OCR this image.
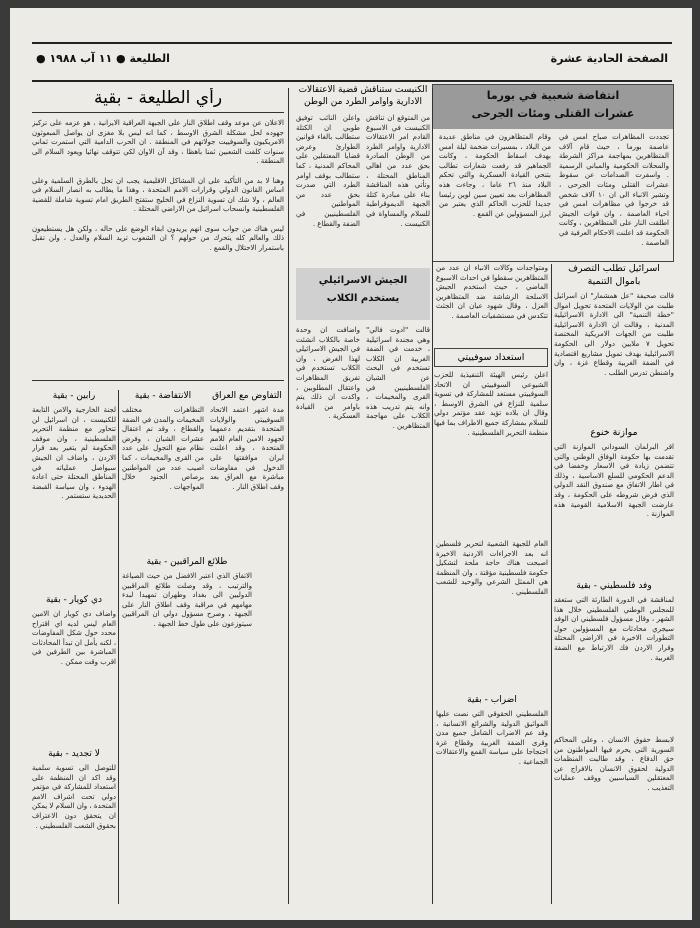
الصفحة الحادية عشرة
الطليعة ● ١١ آب ١٩٨٨ ●
انتفاضة شعبية في بورما
عشرات القتلى ومئات الجرحى
تجددت المظاهرات صباح امس في عاصمة بورما ، حيث قام آلاف المتظاهرين بمهاجمة مراكز الشرطة والمحلات الحكومية والمباني الرسمية . واسفرت الصدامات عن سقوط عشرات القتلى ومئات الجرحى ، وتشير الانباء الى ان ١٠ آلاف شخص قد خرجوا في مظاهرات امس في احياء العاصمة ، وان قوات الجيش اطلقت النار على المتظاهرين ، وكانت الحكومة قد اعلنت الاحكام العرفية في العاصمة .
وقام المتظاهرون في مناطق عديدة من البلاد ، بمسيرات ضخمة ليلة امس بهدف اسقاط الحكومة ، وكانت الجماهير قد رفعت شعارات تطالب بتنحي القيادة العسكرية والتي تحكم البلاد منذ ٢٦ عاما ، وجاءت هذه المظاهرات بعد تعيين سين لوين رئيسا جديدا للحزب الحاكم الذي يعتبر من ابرز المسؤولين عن القمع .
اسرائيل تطلب التصرف
باموال التنمية
قالت صحيفة "عل همشمار" ان اسرائيل طلبت من الولايات المتحدة تحويل اموال "خطة التنمية" الى الادارة الاسرائيلية المدنية ، وقالت ان الادارة الاسرائيلية طلبت من الجهات الامريكية المختصة تحويل ٧ ملايين دولار الى الحكومة الاسرائيلية بهدف تمويل مشاريع اقتصادية في الضفة الغربية وقطاع غزة ، وان واشنطن تدرس الطلب .
ومتواجدات وكالات الانباء ان عدد من المتظاهرين سقطوا في احداث الاسبوع الماضي ، حيث استخدم الجيش الاسلحة الرشاشة ضد المتظاهرين العزل ، وقال شهود عيان ان الجثث تتكدس في مستشفيات العاصمة .
استعداد سوفييتي
اعلن رئيس الهيئة التنفيذية للحزب الشيوعي السوفييتي ان الاتحاد السوفييتي مستعد للمشاركة في تسوية سلمية للنزاع في الشرق الاوسط ، وقال ان بلاده تؤيد عقد مؤتمر دولي للسلام بمشاركة جميع الاطراف بما فيها منظمة التحرير الفلسطينية .	موازنة خنوع
اقر البرلمان السوداني الموازنة التي تقدمت بها حكومة الوفاق الوطني والتي تتضمن زيادة في الاسعار وخفضا في الدعم الحكومي للسلع الاساسية ، وذلك في اطار الاتفاق مع صندوق النقد الدولي الذي فرض شروطه على الحكومة ، وقد عارضت الجبهة الاسلامية القومية هذه الموازنة .
وفد فلسطيني - بقية
لمناقشة في الدورة الطارئة التي ستعقد للمجلس الوطني الفلسطيني خلال هذا الشهر ، وقال مسؤول فلسطيني ان الوفد سيجري محادثات مع المسؤولين حول التطورات الاخيرة في الاراضي المحتلة وقرار الاردن فك الارتباط مع الضفة الغربية .
العام للجبهة الشعبية لتحرير فلسطين انه بعد الاجراءات الاردنية الاخيرة اصبحت هناك حاجة ملحة لتشكيل حكومة فلسطينية مؤقتة ، وان المنظمة هي الممثل الشرعي والوحيد للشعب الفلسطيني .
اضراب - بقية
الفلسطيني الحقوقي التي نصت عليها المواثيق الدولية والشرائع الانسانية ، وقد عم الاضراب الشامل جميع مدن وقرى الضفة الغربية وقطاع غزة احتجاجا على سياسة القمع والاعتقالات الجماعية .
لابسط حقوق الانسان ، وعلى المحاكم السورية التي يحرم فيها المواطنون من حق الدفاع ، وقد طالبت المنظمات الدولية لحقوق الانسان بالافراج عن المعتقلين السياسيين ووقف عمليات التعذيب .
الكنيست ستناقش قضية الاعتقالات
الادارية واوامر الطرد من الوطن
من المتوقع ان تناقش الكنيست في الاسبوع القادم امر الاعتقالات الادارية واوامر الطرد من الوطن الصادرة بحق عدد من اهالي المناطق المحتلة ، وتأتي هذه المناقشة بناء على مبادرة كتلة الجبهة الديموقراطية للسلام والمساواة في الكنيست .
واعلن النائب توفيق طوبي ان الكتلة ستطالب بالغاء قوانين الطوارئ وعرض قضايا المعتقلين على المحاكم المدنية ، كما ستطالب بوقف اوامر الطرد التي صدرت بحق عدد من المواطنين الفلسطينيين في الضفة والقطاع .
الجيش الاسرائيلي
يستخدم الكلاب
قالت "ادوت فالي" وهي مجندة اسرائيلية ، خدمت في الضفة الغربية ان الكلاب تستخدم في البحث عن الشبان الفلسطينيين في القرى والمخيمات ، وانه يتم تدريب هذه الكلاب على مهاجمة المتظاهرين .
واضافت ان وحدة خاصة بالكلاب انشئت في الجيش الاسرائيلي لهذا الغرض ، وان الكلاب تستخدم في تفريق المظاهرات واعتقال المطلوبين ، واكدت ان ذلك يتم باوامر من القيادة العسكرية .
رأي الطليعة - بقية
الاعلان عن موعد وقف اطلاق النار على الجبهة العراقية الايرانية ، هو عزمه على تركيز جهوده لحل مشكلة الشرق الاوسط ، كما انه ليس بلا مغزى ان يواصل المبعوثون الامريكيون والسوفييت جولاتهم في المنطقة . ان الحرب الدامية التي استمرت ثماني سنوات كلفت الشعبين ثمنا باهظا ، وقد آن الاوان لكي تتوقف نهائيا ويعود السلام الى المنطقة .

وهنا لا بد من التأكيد على ان المشاكل الاقليمية يجب ان تحل بالطرق السلمية وعلى اساس القانون الدولي وقرارات الامم المتحدة ، وهذا ما يطالب به انصار السلام في العالم ، ولا شك ان تسوية النزاع في الخليج ستفتح الطريق امام تسوية شاملة للقضية الفلسطينية وانسحاب اسرائيل من الاراضي المحتلة .

ليس هناك من جواب سوى انهم يريدون ابقاء الوضع على حاله ، ولكن هل يستطيعون ذلك والعالم كله يتحرك من حولهم ؟ ان الشعوب تريد السلام والعدل ، ولن تقبل باستمرار الاحتلال والقمع .
رابين - بقية
لجنة الخارجية والامن التابعة للكنيست ، ان اسرائيل لن تتحاور مع منظمة التحرير الفلسطينية ، وان موقف الحكومة لم يتغير بعد قرار الاردن ، واضاف ان الجيش سيواصل عملياته في المناطق المحتلة حتى اعادة الهدوء ، وان سياسة القبضة الحديدية ستستمر .
الانتفاضة - بقية
التظاهرات مختلف المخيمات والمدن في الضفة والقطاع ، وقد تم اعتقال عشرات الشبان ، وفرض نظام منع التجول على عدد من القرى والمخيمات ، كما اصيب عدد من المواطنين برصاص الجنود خلال المواجهات .
طلائع المراقبين - بقية
الاتفاق الذي اعتبر الافضل من حيث الصياغة والترتيب ، وقد وصلت طلائع المراقبين الدوليين الى بغداد وطهران تمهيدا لبدء مهامهم في مراقبة وقف اطلاق النار على الجبهة ، وصرح مسؤول دولي ان المراقبين سيتوزعون على طول خط الجبهة .
التفاوض مع العراق
مدة اشهر اعتمد الاتحاد السوفييتي والولايات المتحدة بتقديم دعمهما لجهود الامين العام للامم المتحدة ، وقد اعلنت ايران موافقتها على الدخول في مفاوضات مباشرة مع العراق بعد وقف اطلاق النار .
دي كويار - بقية
واضاف دي كويار ان الامين العام ليس لديه اي اقتراح محدد حول شكل المفاوضات ، لكنه يأمل ان تبدأ المحادثات المباشرة بين الطرفين في اقرب وقت ممكن .
لا تجديد - بقية
للتوصل الى تسوية سلمية وقد اكد ان المنظمة على استعداد للمشاركة في مؤتمر دولي تحت اشراف الامم المتحدة ، وان السلام لا يمكن ان يتحقق دون الاعتراف بحقوق الشعب الفلسطيني .
